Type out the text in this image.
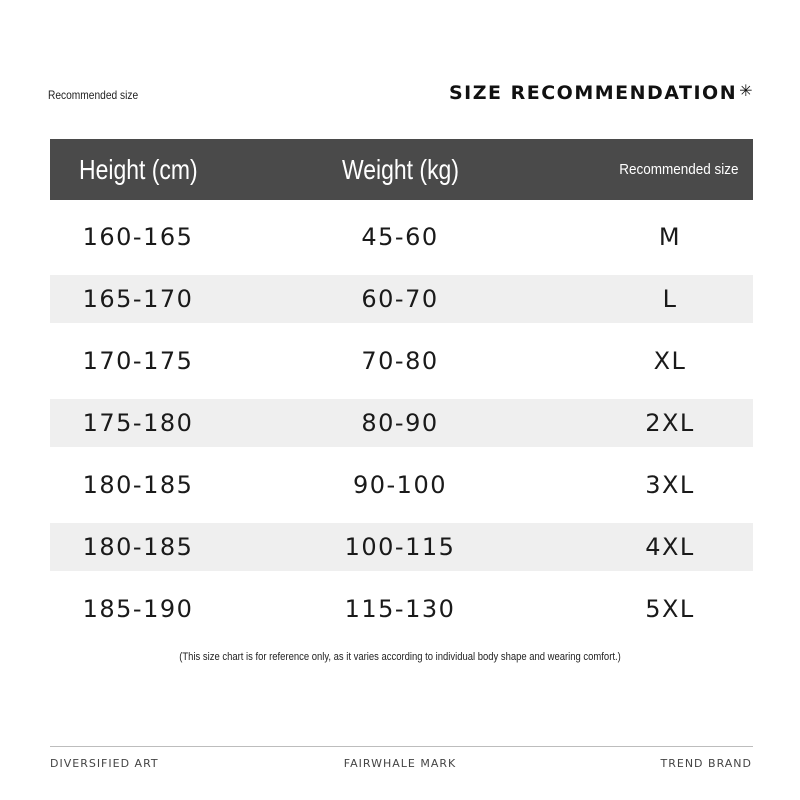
Recommended size	SIZE RECOMMENDATION ✳
Height (cm)	Weight (kg)	Recommended size
160-165	45-60	M
165-170	60-70	L
170-175	70-80	XL
175-180	80-90	2XL
180-185	90-100	3XL
180-185	100-115	4XL
185-190	115-130	5XL
(This size chart is for reference only, as it varies according to individual body shape and wearing comfort.)
DIVERSIFIED ART	FAIRWHALE MARK	TREND BRAND
